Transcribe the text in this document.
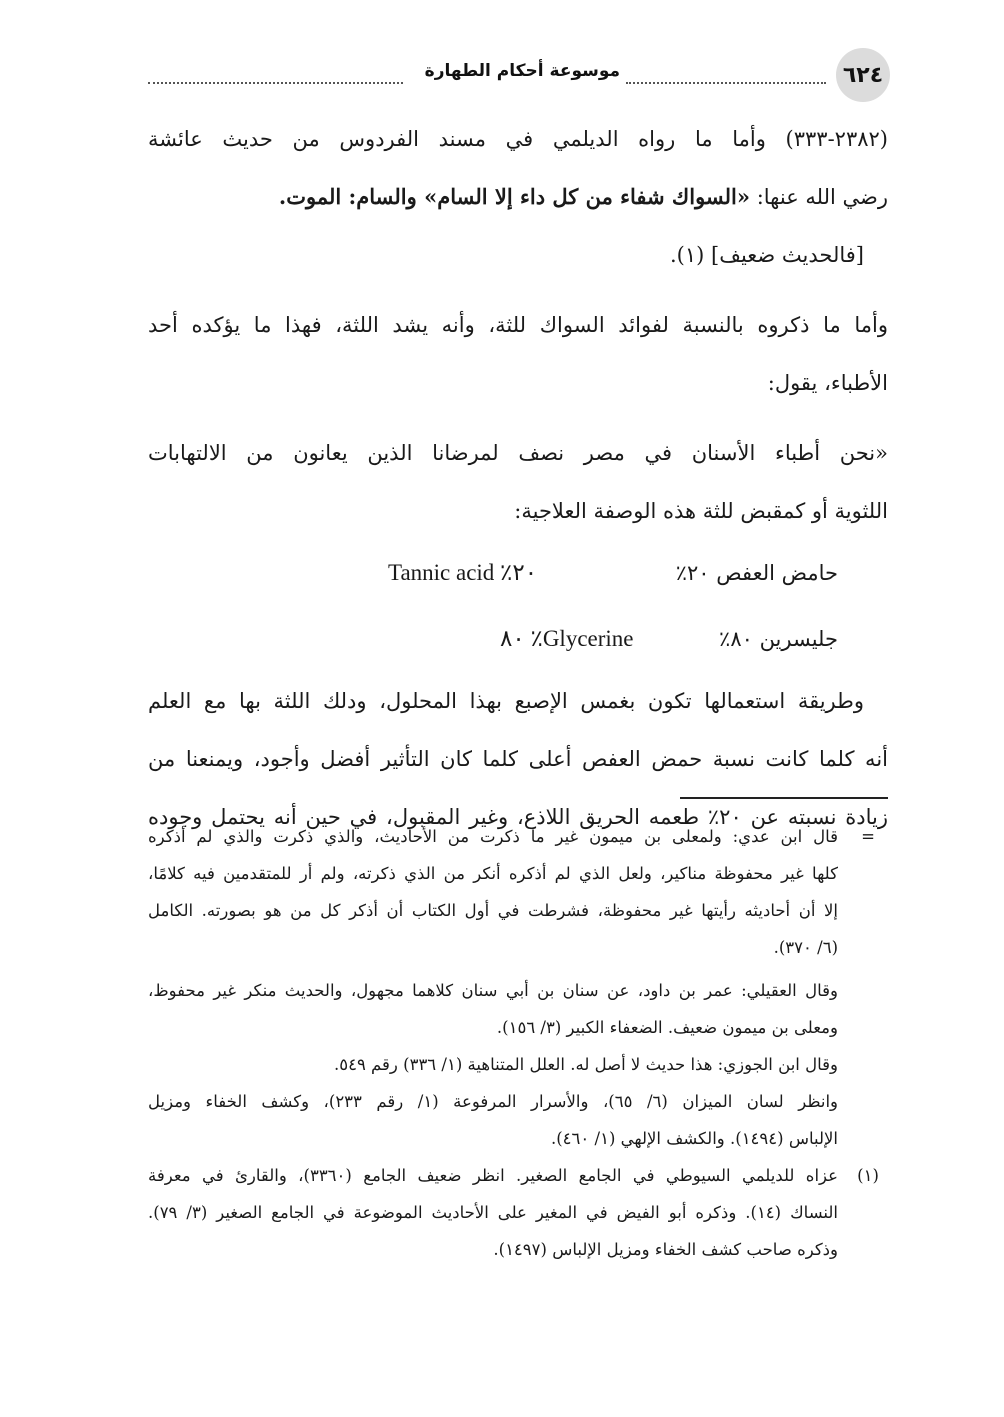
٦٢٤
موسوعة أحكام الطهارة
(٢٣٨٢-٣٣٣) وأما ما رواه الديلمي في مسند الفردوس من حديث عائشة
رضي الله عنها: «السواك شفاء من كل داء إلا السام» والسام: الموت.
[فالحديث ضعيف] (١).
وأما ما ذكروه بالنسبة لفوائد السواك للثة، وأنه يشد اللثة، فهذا ما يؤكده أحد
الأطباء، يقول:
«نحن أطباء الأسنان في مصر نصف لمرضانا الذين يعانون من الالتهابات
اللثوية أو كمقبض للثة هذه الوصفة العلاجية:
حامض العفص ٢٠٪
Tannic acid ٪٢٠
جليسرين ٨٠٪
٨٠ ٪Glycerine
وطريقة استعمالها تكون بغمس الإصبع بهذا المحلول، ودلك اللثة بها مع العلم
أنه كلما كانت نسبة حمض العفص أعلى كلما كان التأثير أفضل وأجود، ويمنعنا من
زيادة نسبته عن ٢٠٪ طعمه الحريق اللاذع، وغير المقبول، في حين أنه يحتمل وجوده
=
قال ابن عدي: ولمعلى بن ميمون غير ما ذكرت من الأحاديث، والذي ذكرت والذي لم أذكره
كلها غير محفوظة مناكير، ولعل الذي لم أذكره أنكر من الذي ذكرته، ولم أر للمتقدمين فيه كلامًا،
إلا أن أحاديثه رأيتها غير محفوظة، فشرطت في أول الكتاب أن أذكر كل من هو بصورته. الكامل
(٦/ ٣٧٠).
وقال العقيلي: عمر بن داود، عن سنان بن أبي سنان كلاهما مجهول، والحديث منكر غير محفوظ،
ومعلى بن ميمون ضعيف. الضعفاء الكبير (٣/ ١٥٦).
وقال ابن الجوزي: هذا حديث لا أصل له. العلل المتناهية (١/ ٣٣٦) رقم ٥٤٩.
وانظر لسان الميزان (٦/ ٦٥)، والأسرار المرفوعة (١/ رقم ٢٣٣)، وكشف الخفاء ومزيل
الإلباس (١٤٩٤). والكشف الإلهي (١/ ٤٦٠).
(١)
عزاه للديلمي السيوطي في الجامع الصغير. انظر ضعيف الجامع (٣٣٦٠)، والقارئ في معرفة
النساك (١٤). وذكره أبو الفيض في المغير على الأحاديث الموضوعة في الجامع الصغير (٣/ ٧٩).
وذكره صاحب كشف الخفاء ومزيل الإلباس (١٤٩٧).
